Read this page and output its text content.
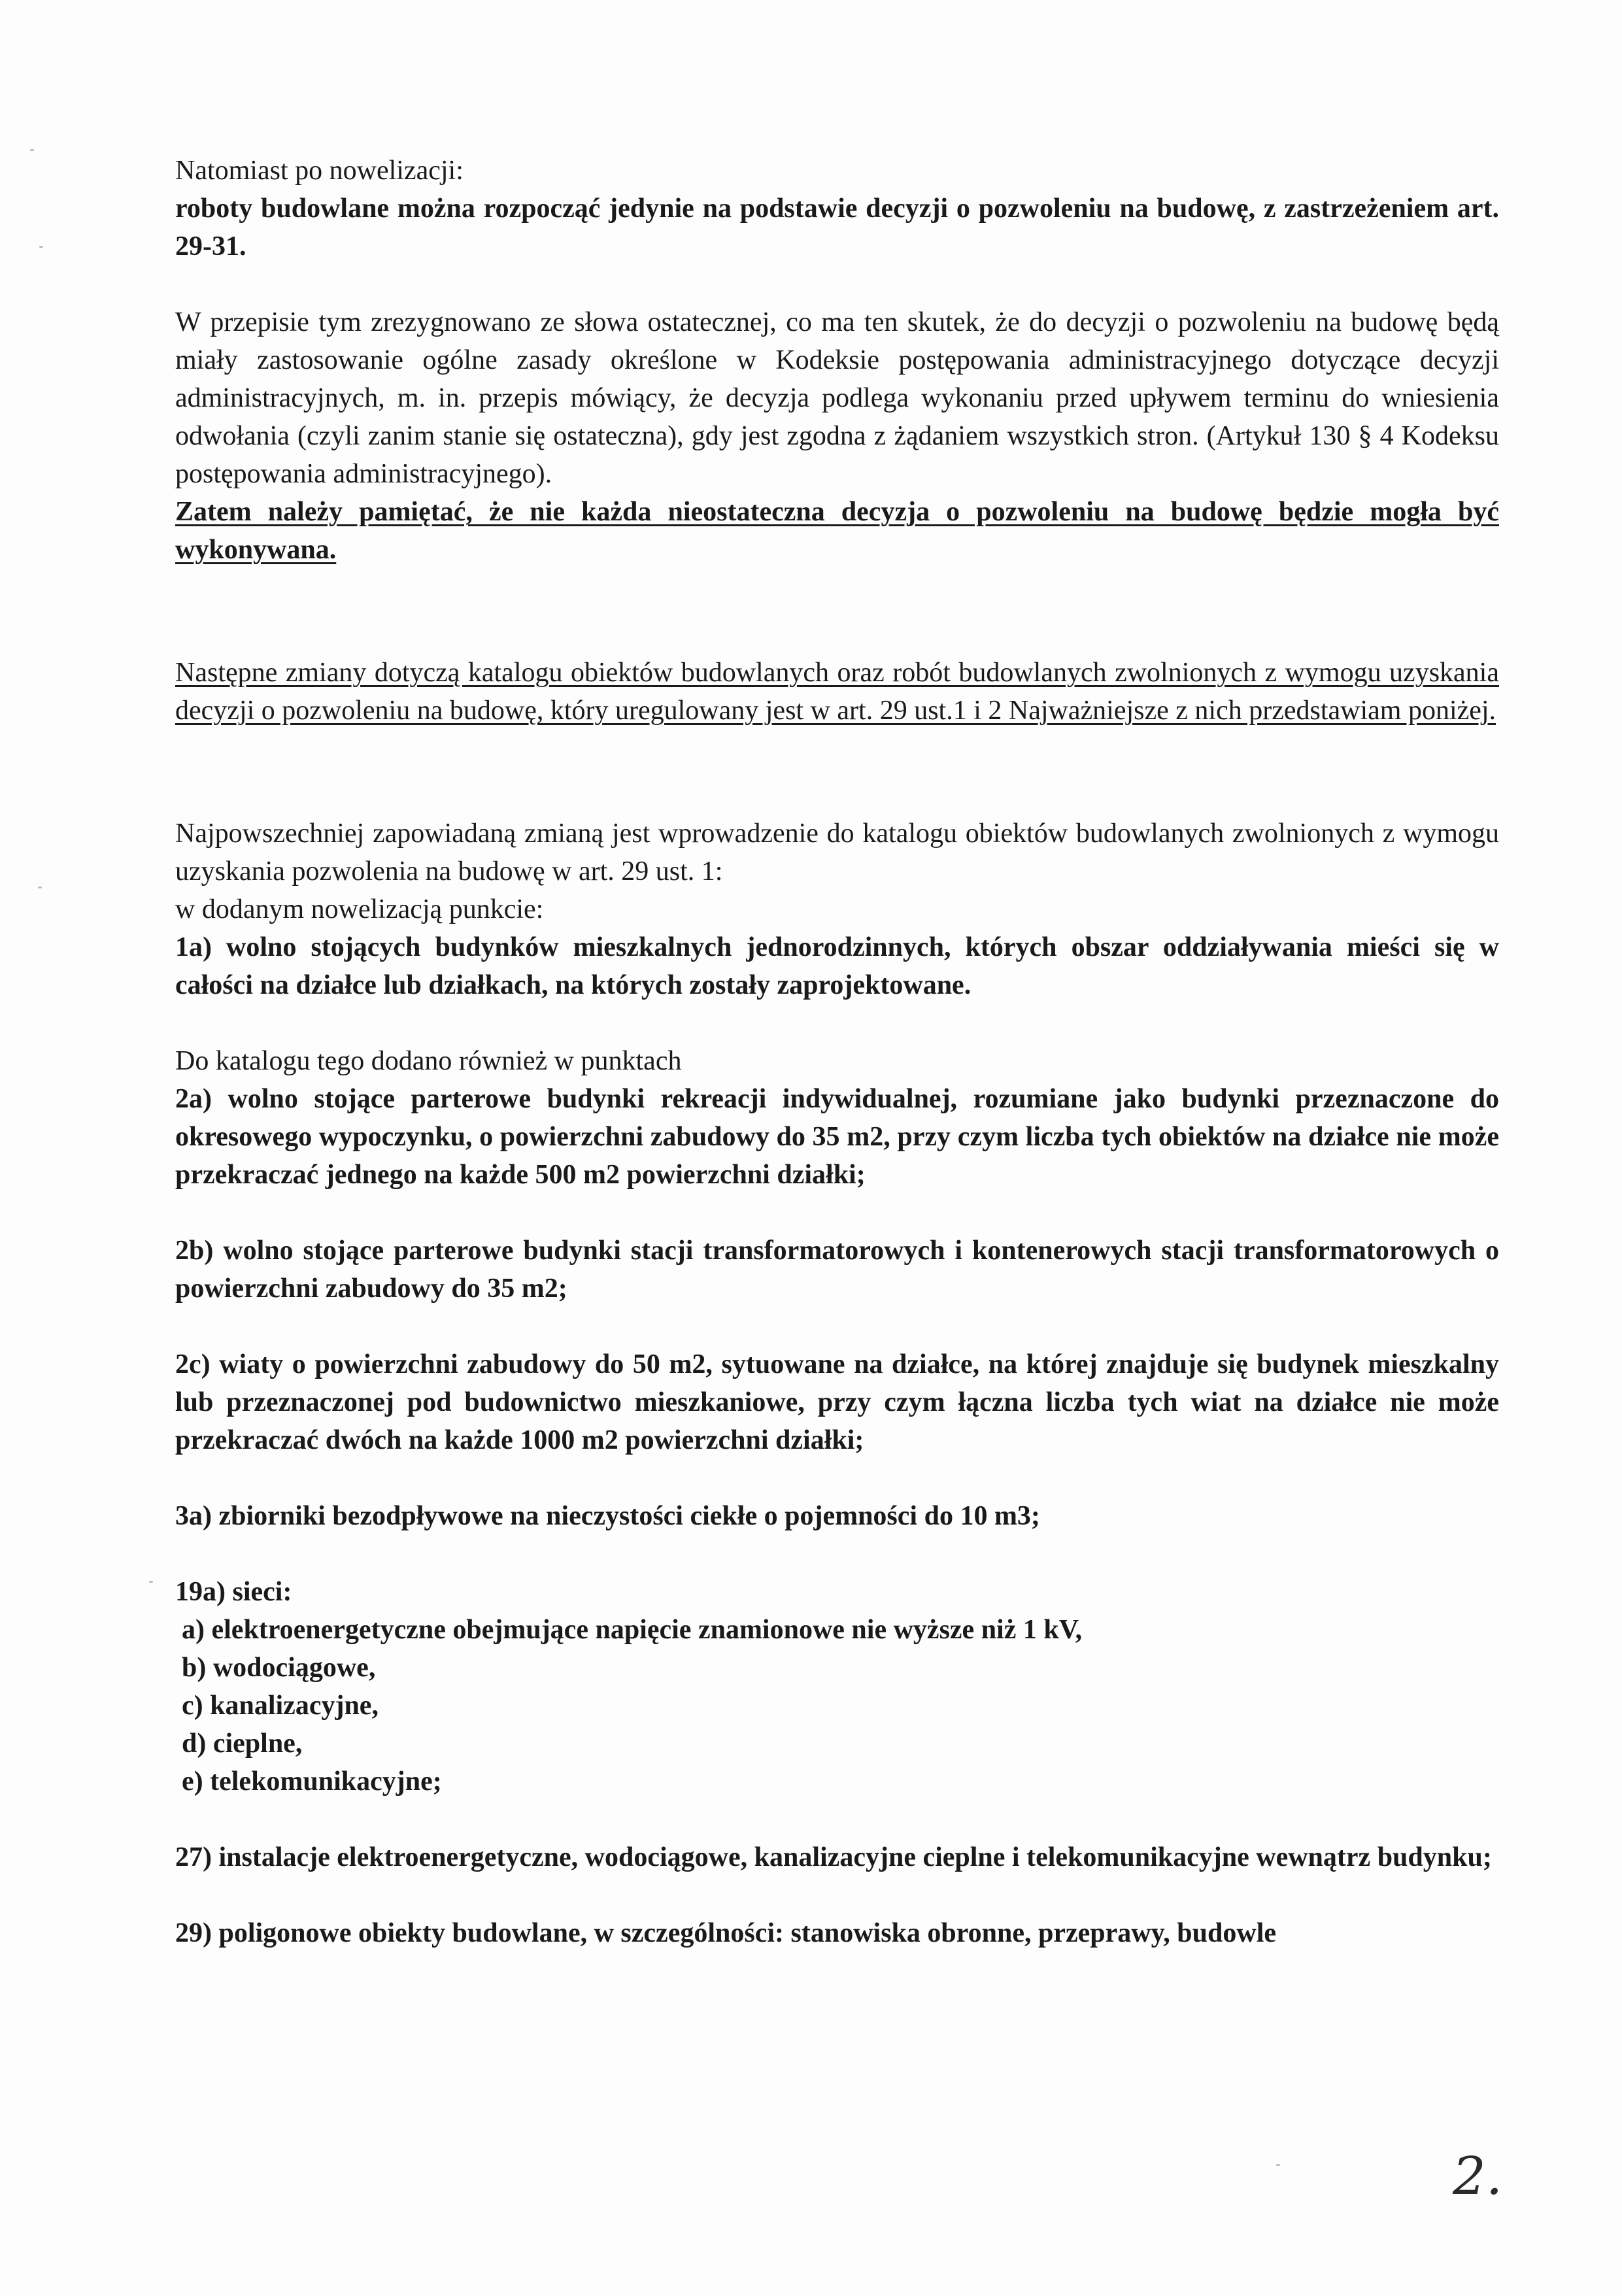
Natomiast po nowelizacji:

roboty budowlane można rozpocząć jedynie na podstawie decyzji o pozwoleniu na budowę, z zastrzeżeniem art. 29-31.

W przepisie tym zrezygnowano ze słowa ostatecznej, co ma ten skutek, że do decyzji o pozwoleniu na budowę będą miały zastosowanie ogólne zasady określone w Kodeksie postępowania administracyjnego dotyczące decyzji administracyjnych, m. in. przepis mówiący, że decyzja podlega wykonaniu przed upływem terminu do wniesienia odwołania (czyli zanim stanie się ostateczna), gdy jest zgodna z żądaniem wszystkich stron. (Artykuł 130 § 4 Kodeksu postępowania administracyjnego).

Zatem należy pamiętać, że nie każda nieostateczna decyzja o pozwoleniu na budowę będzie mogła być wykonywana.

Następne zmiany dotyczą katalogu obiektów budowlanych oraz robót budowlanych zwolnionych z wymogu uzyskania decyzji o pozwoleniu na budowę, który uregulowany jest w art. 29 ust.1 i 2 Najważniejsze z nich przedstawiam poniżej.

Najpowszechniej zapowiadaną zmianą jest wprowadzenie do katalogu obiektów budowlanych zwolnionych z wymogu uzyskania pozwolenia na budowę w art. 29 ust. 1:

w dodanym nowelizacją punkcie:

1a) wolno stojących budynków mieszkalnych jednorodzinnych, których obszar oddziaływania mieści się w całości na działce lub działkach, na których zostały zaprojektowane.

Do katalogu tego dodano również w punktach

2a) wolno stojące parterowe budynki rekreacji indywidualnej, rozumiane jako budynki przeznaczone do okresowego wypoczynku, o powierzchni zabudowy do 35 m2, przy czym liczba tych obiektów na działce nie może przekraczać jednego na każde 500 m2 powierzchni działki;

2b) wolno stojące parterowe budynki stacji transformatorowych i kontenerowych stacji transformatorowych o powierzchni zabudowy do 35 m2;

2c) wiaty o powierzchni zabudowy do 50 m2, sytuowane na działce, na której znajduje się budynek mieszkalny lub przeznaczonej pod budownictwo mieszkaniowe, przy czym łączna liczba tych wiat na działce nie może przekraczać dwóch na każde 1000 m2 powierzchni działki;

3a) zbiorniki bezodpływowe na nieczystości ciekłe o pojemności do 10 m3;

19a) sieci:

a) elektroenergetyczne obejmujące napięcie znamionowe nie wyższe niż 1 kV,
b) wodociągowe,
c) kanalizacyjne,
d) cieplne,
e) telekomunikacyjne;

27) instalacje elektroenergetyczne, wodociągowe, kanalizacyjne cieplne i telekomunikacyjne wewnątrz budynku;

29) poligonowe obiekty budowlane, w szczególności: stanowiska obronne, przeprawy, budowle

2.
